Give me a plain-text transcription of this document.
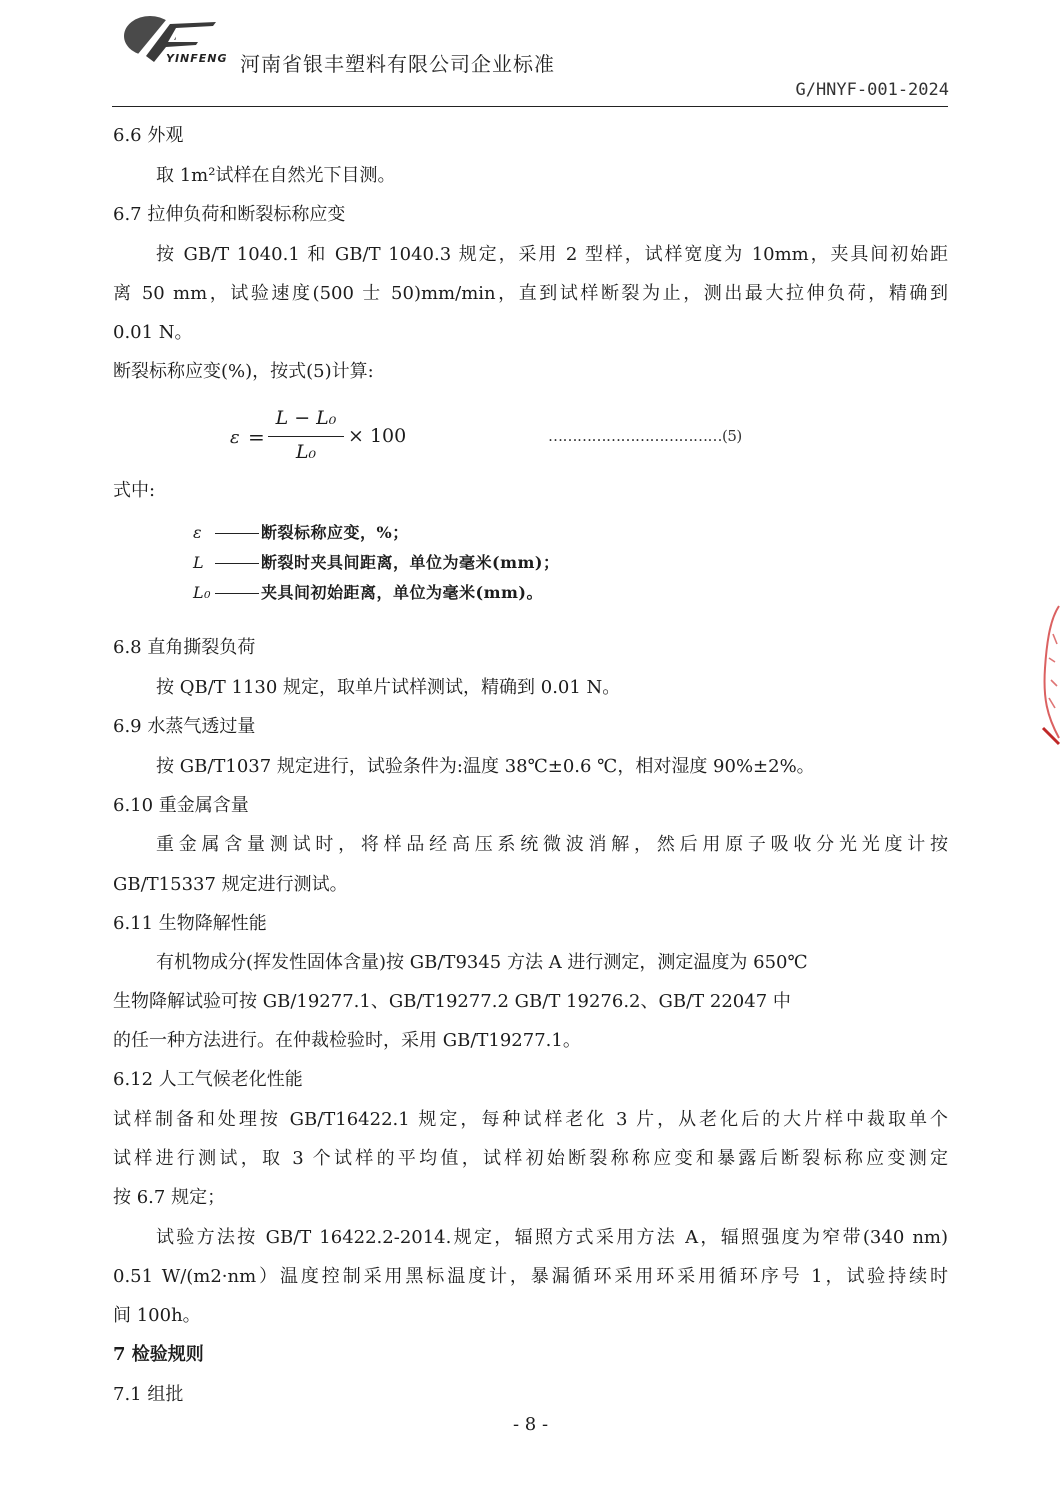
YINFENG 河南省银丰塑料有限公司企业标准
G/HNYF-001-2024
6.6 外观
取 1m²试样在自然光下目测。
6.7 拉伸负荷和断裂标称应变
按 GB/T 1040.1 和 GB/T 1040.3 规定，采用 2 型样，试样宽度为 10mm，夹具间初始距
离 50 mm，试验速度(500 士 50)mm/min，直到试样断裂为止，测出最大拉伸负荷，精确到
0.01 N。
断裂标称应变(%)，按式(5)计算:
ε =
L − L₀
L₀
× 100	………………………………(5)
式中:
ε	断裂标称应变，%；
L	断裂时夹具间距离，单位为毫米(mm)；
L₀	夹具间初始距离，单位为毫米(mm)。
6.8 直角撕裂负荷
按 QB/T 1130 规定，取单片试样测试，精确到 0.01 N。
6.9 水蒸气透过量
按 GB/T1037 规定进行，试验条件为:温度 38℃±0.6 ℃，相对湿度 90%±2%。
6.10 重金属含量
重金属含量测试时，将样品经高压系统微波消解，然后用原子吸收分光光度计按
GB/T15337 规定进行测试。
6.11 生物降解性能
有机物成分(挥发性固体含量)按 GB/T9345 方法 A 进行测定，测定温度为 650℃
生物降解试验可按 GB/19277.1、GB/T19277.2 GB/T 19276.2、GB/T 22047 中
的任一种方法进行。在仲裁检验时，采用 GB/T19277.1。
6.12 人工气候老化性能
试样制备和处理按 GB/T16422.1 规定，每种试样老化 3 片，从老化后的大片样中裁取单个
试样进行测试，取 3 个试样的平均值，试样初始断裂称称应变和暴露后断裂标称应变测定
按 6.7 规定；
试验方法按 GB/T 16422.2-2014.规定，辐照方式采用方法 A，辐照强度为窄带(340 nm)
0.51 W/(m2·nm）温度控制采用黑标温度计，暴漏循环采用环采用循环序号 1，试验持续时
间 100h。
7 检验规则
7.1 组批
- 8 -
